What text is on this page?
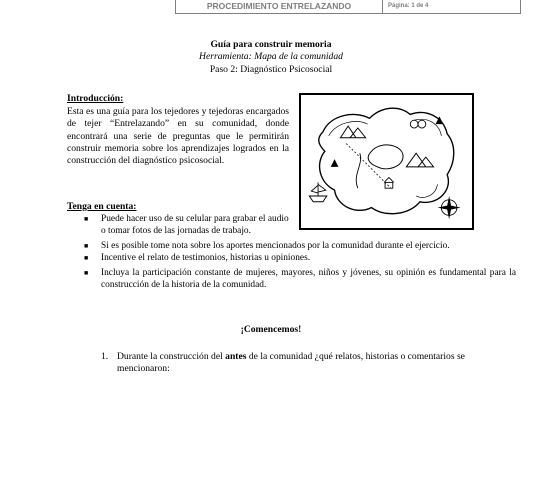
PROCEDIMIENTO ENTRELAZANDO	Página: 1 de 4
Guía para construir memoria
Herramienta: Mapa de la comunidad
Paso 2: Diagnóstico Psicosocial
Introducción:
Esta es una guía para los tejedores y tejedoras encargados de tejer “Entrelazando” en su comunidad, donde encontrará una serie de preguntas que le permitirán construir memoria sobre los aprendizajes logrados en la construcción del diagnóstico psicosocial.
Tenga en cuenta:
■ Puede hacer uso de su celular para grabar el audio o tomar fotos de las jornadas de trabajo.
■ Si es posible tome nota sobre los aportes mencionados por la comunidad durante el ejercicio.
■ Incentive el relato de testimonios, historias u opiniones.
■ Incluya la participación constante de mujeres, mayores, niños y jóvenes, su opinión es fundamental para la construcción de la historia de la comunidad.
¡Comencemos!
1. Durante la construcción del antes de la comunidad ¿qué relatos, historias o comentarios se mencionaron:
